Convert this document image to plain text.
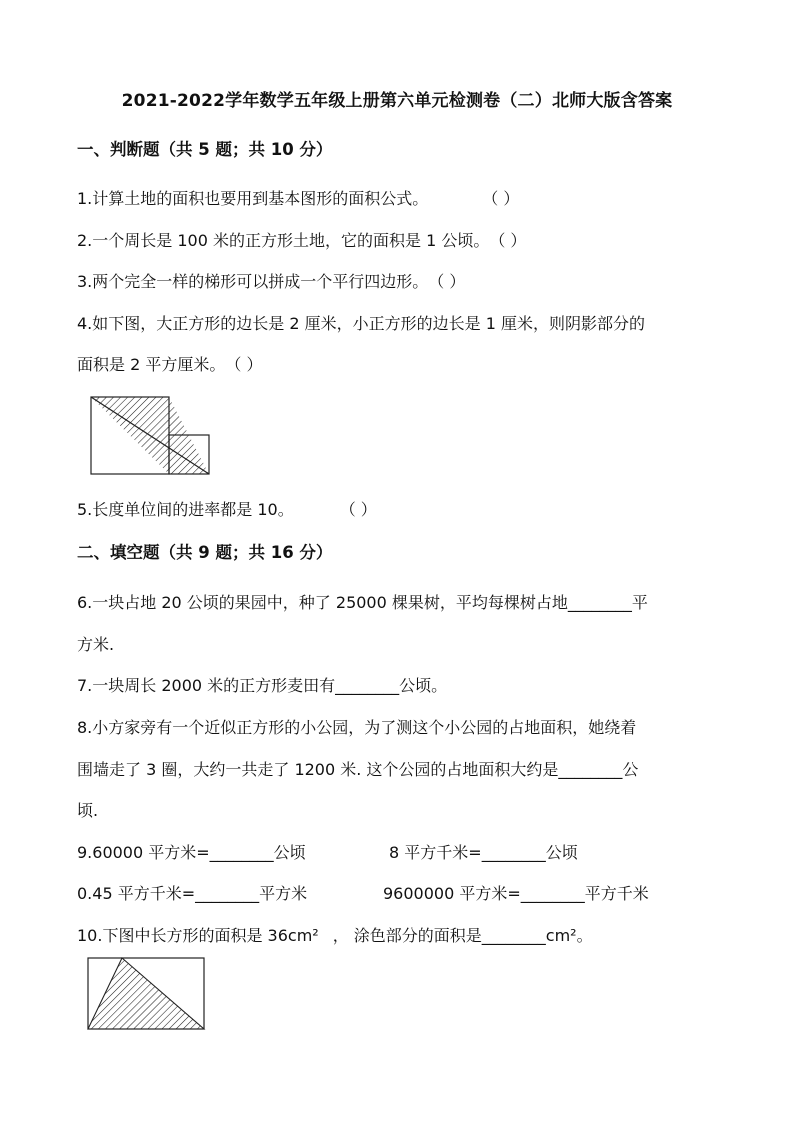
2021-2022学年数学五年级上册第六单元检测卷（二）北师大版含答案
一、判断题（共 5 题；共 10 分）
1.计算土地的面积也要用到基本图形的面积公式。	（ ）
2.一个周长是 100 米的正方形土地，它的面积是 1 公顷。（ ）
3.两个完全一样的梯形可以拼成一个平行四边形。（ ）
4.如下图，大正方形的边长是 2 厘米，小正方形的边长是 1 厘米，则阴影部分的
面积是 2 平方厘米。（ ）
5.长度单位间的进率都是 10。	（ ）
二、填空题（共 9 题；共 16 分）
6.一块占地 20 公顷的果园中，种了 25000 棵果树，平均每棵树占地________平
方米.
7.一块周长 2000 米的正方形麦田有________公顷。
8.小方家旁有一个近似正方形的小公园，为了测这个小公园的占地面积，她绕着
围墙走了 3 圈，大约一共走了 1200 米. 这个公园的占地面积大约是________公
顷.
9.60000 平方米=________公顷	8 平方千米=________公顷
0.45 平方千米=________平方米	9600000 平方米=________平方千米
10.下图中长方形的面积是 36cm² ， 涂色部分的面积是________cm²。
